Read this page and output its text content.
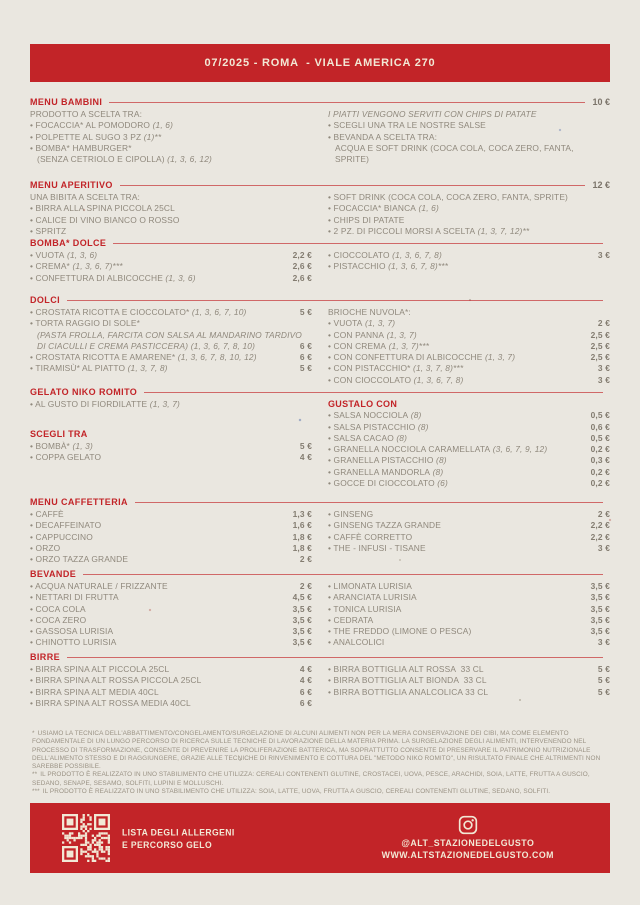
07/2025 - ROMA  - VIALE AMERICA 270
MENU BAMBINI	10 €
PRODOTTO A SCELTA TRA:
• FOCACCIA* AL POMODORO (1, 6)
• POLPETTE AL SUGO 3 PZ (1)**
• BOMBA* HAMBURGER*
(SENZA CETRIOLO E CIPOLLA) (1, 3, 6, 12)
I PIATTI VENGONO SERVITI CON CHIPS DI PATATE
• SCEGLI UNA TRA LE NOSTRE SALSE
• BEVANDA A SCELTA TRA:
ACQUA E SOFT DRINK (COCA COLA, COCA ZERO, FANTA, SPRITE)
MENU APERITIVO	12 €
UNA BIBITA A SCELTA TRA:
• BIRRA ALLA SPINA PICCOLA 25CL
• CALICE DI VINO BIANCO O ROSSO
• SPRITZ
• SOFT DRINK (COCA COLA, COCA ZERO, FANTA, SPRITE)
• FOCACCIA* BIANCA (1, 6)
• CHIPS DI PATATE
• 2 PZ. DI PICCOLI MORSI A SCELTA (1, 3, 7, 12)**
BOMBA* DOLCE
• VUOTA (1, 3, 6)	2,2 €
• CREMA* (1, 3, 6, 7)***	2,6 €
• CONFETTURA DI ALBICOCCHE (1, 3, 6)	2,6 €
• CIOCCOLATO (1, 3, 6, 7, 8)	3 €
• PISTACCHIO (1, 3, 6, 7, 8)***
DOLCI
• CROSTATA RICOTTA E CIOCCOLATO* (1, 3, 6, 7, 10)	5 €
• TORTA RAGGIO DI SOLE*
(PASTA FROLLA, FARCITA CON SALSA AL MANDARINO TARDIVO
DI CIACULLI E CREMA PASTICCERA) (1, 3, 6, 7, 8, 10)	6 €
• CROSTATA RICOTTA E AMARENE* (1, 3, 6, 7, 8, 10, 12)	6 €
• TIRAMISÙ* AL PIATTO (1, 3, 7, 8)	5 €
BRIOCHE NUVOLA*:
• VUOTA (1, 3, 7)	2 €
• CON PANNA (1, 3, 7)	2,5 €
• CON CREMA (1, 3, 7)***	2,5 €
• CON CONFETTURA DI ALBICOCCHE (1, 3, 7)	2,5 €
• CON PISTACCHIO* (1, 3, 7, 8)***	3 €
• CON CIOCCOLATO (1, 3, 6, 7, 8)	3 €
GELATO NIKO ROMITO
• AL GUSTO DI FIORDILATTE (1, 3, 7)
SCEGLI TRA
• BOMBÀ* (1, 3)	5 €
• COPPA GELATO	4 €
GUSTALO CON
• SALSA NOCCIOLA (8)	0,5 €
• SALSA PISTACCHIO (8)	0,6 €
• SALSA CACAO (8)	0,5 €
• GRANELLA NOCCIOLA CARAMELLATA (3, 6, 7, 9, 12)	0,2 €
• GRANELLA PISTACCHIO (8)	0,3 €
• GRANELLA MANDORLA (8)	0,2 €
• GOCCE DI CIOCCOLATO (6)	0,2 €
MENU CAFFETTERIA
• CAFFÈ	1,3 €
• DECAFFEINATO	1,6 €
• CAPPUCCINO	1,8 €
• ORZO	1,8 €
• ORZO TAZZA GRANDE	2 €
• GINSENG	2 €
• GINSENG TAZZA GRANDE	2,2 €
• CAFFÈ CORRETTO	2,2 €
• THE - INFUSI - TISANE	3 €
BEVANDE
• ACQUA NATURALE / FRIZZANTE	2 €
• NETTARI DI FRUTTA	4,5 €
• COCA COLA	3,5 €
• COCA ZERO	3,5 €
• GASSOSA LURISIA	3,5 €
• CHINOTTO LURISIA	3,5 €
• LIMONATA LURISIA	3,5 €
• ARANCIATA LURISIA	3,5 €
• TONICA LURISIA	3,5 €
• CEDRATA	3,5 €
• THE FREDDO (LIMONE O PESCA)	3,5 €
• ANALCOLICI	3 €
BIRRE
• BIRRA SPINA ALT PICCOLA 25CL	4 €
• BIRRA SPINA ALT ROSSA PICCOLA 25CL	4 €
• BIRRA SPINA ALT MEDIA 40CL	6 €
• BIRRA SPINA ALT ROSSA MEDIA 40CL	6 €
• BIRRA BOTTIGLIA ALT ROSSA  33 CL	5 €
• BIRRA BOTTIGLIA ALT BIONDA  33 CL	5 €
• BIRRA BOTTIGLIA ANALCOLICA 33 CL	5 €

* USIAMO LA TECNICA DELL'ABBATTIMENTO/CONGELAMENTO/SURGELAZIONE DI ALCUNI ALIMENTI NON PER LA MERA CONSERVAZIONE DEI CIBI, MA COME ELEMENTO FONDAMENTALE DI UN LUNGO PERCORSO DI RICERCA SULLE TECNICHE DI LAVORAZIONE DELLA MATERIA PRIMA. LA SURGELAZIONE DEGLI ALIMENTI, INTERVENENDO NEL PROCESSO DI TRASFORMAZIONE, CONSENTE DI PREVENIRE LA PROLIFERAZIONE BATTERICA, MA SOPRATTUTTO CONSENTE DI PRESERVARE IL PATRIMONIO NUTRIZIONALE DELL'ALIMENTO STESSO E DI RAGGIUNGERE, GRAZIE ALLE TECNICHE DI RINVENIMENTO E COTTURA DEL "METODO NIKO ROMITO", UN RISULTATO FINALE CHE ALTRIMENTI NON SAREBBE POSSIBILE.

** IL PRODOTTO È REALIZZATO IN UNO STABILIMENTO CHE UTILIZZA: CEREALI CONTENENTI GLUTINE, CROSTACEI, UOVA, PESCE, ARACHIDI, SOIA, LATTE, FRUTTA A GUSCIO, SEDANO, SENAPE, SESAMO, SOLFITI, LUPINI E MOLLUSCHI.

*** IL PRODOTTO È REALIZZATO IN UNO STABILIMENTO CHE UTILIZZA: SOIA, LATTE, UOVA, FRUTTA A GUSCIO, CEREALI CONTENENTI GLUTINE, SEDANO, SOLFITI.

LISTA DEGLI ALLERGENI
E PERCORSO GELO	@ALT_STAZIONEDELGUSTO
WWW.ALTSTAZIONEDELGUSTO.COM
